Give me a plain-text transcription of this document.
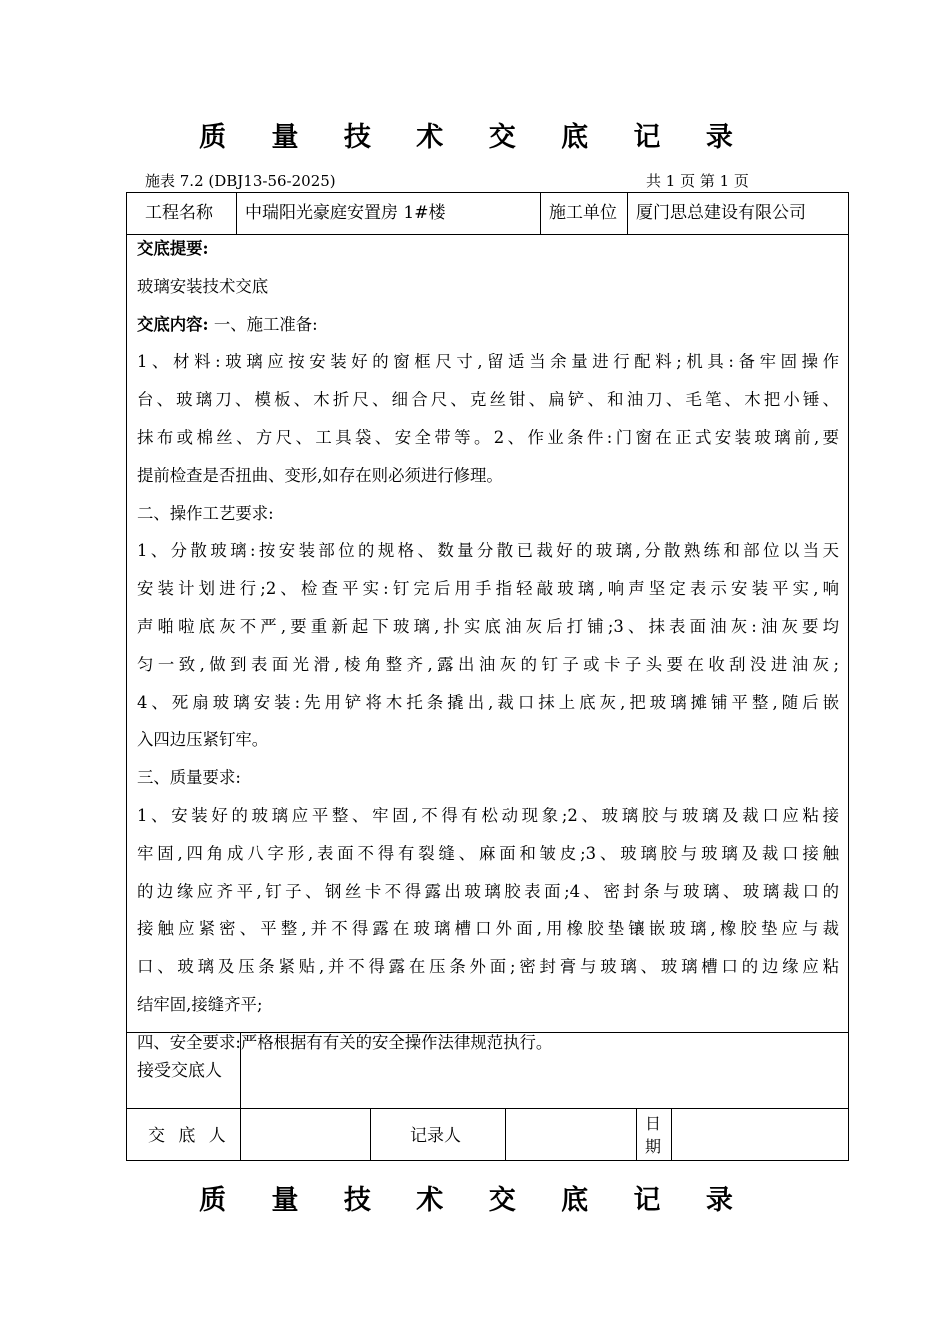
质 量 技 术 交 底 记 录
施表 7.2 (DBJ13-56-2025)	共 1 页 第 1 页
工程名称 中瑞阳光豪庭安置房 1#楼	施工单位 厦门思总建设有限公司
交底提要:
玻璃安装技术交底
交底内容: 一、施工准备:
1、材料:玻璃应按安装好的窗框尺寸,留适当余量进行配料;机具:备牢固操作
台、玻璃刀、模板、木折尺、细合尺、克丝钳、扁铲、和油刀、毛笔、木把小锤、
抹布或棉丝、方尺、工具袋、安全带等。2、作业条件:门窗在正式安装玻璃前,要
提前检查是否扭曲、变形,如存在则必须进行修理。
二、操作工艺要求:
1、分散玻璃:按安装部位的规格、数量分散已裁好的玻璃,分散熟练和部位以当天
安装计划进行;2、检查平实:钉完后用手指轻敲玻璃,响声坚定表示安装平实,响
声啪啦底灰不严,要重新起下玻璃,扑实底油灰后打铺;3、抹表面油灰:油灰要均
匀一致,做到表面光滑,棱角整齐,露出油灰的钉子或卡子头要在收刮没进油灰;
4、死扇玻璃安装:先用铲将木托条撬出,裁口抹上底灰,把玻璃摊铺平整,随后嵌
入四边压紧钉牢。
三、质量要求:
1、安装好的玻璃应平整、牢固,不得有松动现象;2、玻璃胶与玻璃及裁口应粘接
牢固,四角成八字形,表面不得有裂缝、麻面和皱皮;3、玻璃胶与玻璃及裁口接触
的边缘应齐平,钉子、钢丝卡不得露出玻璃胶表面;4、密封条与玻璃、玻璃裁口的
接触应紧密、平整,并不得露在玻璃槽口外面,用橡胶垫镶嵌玻璃,橡胶垫应与裁
口、玻璃及压条紧贴,并不得露在压条外面;密封膏与玻璃、玻璃槽口的边缘应粘
结牢固,接缝齐平;
四、安全要求:严格根据有有关的安全操作法律规范执行。
接受交底人
交 底 人	记录人
日
期
质 量 技 术 交 底 记 录
